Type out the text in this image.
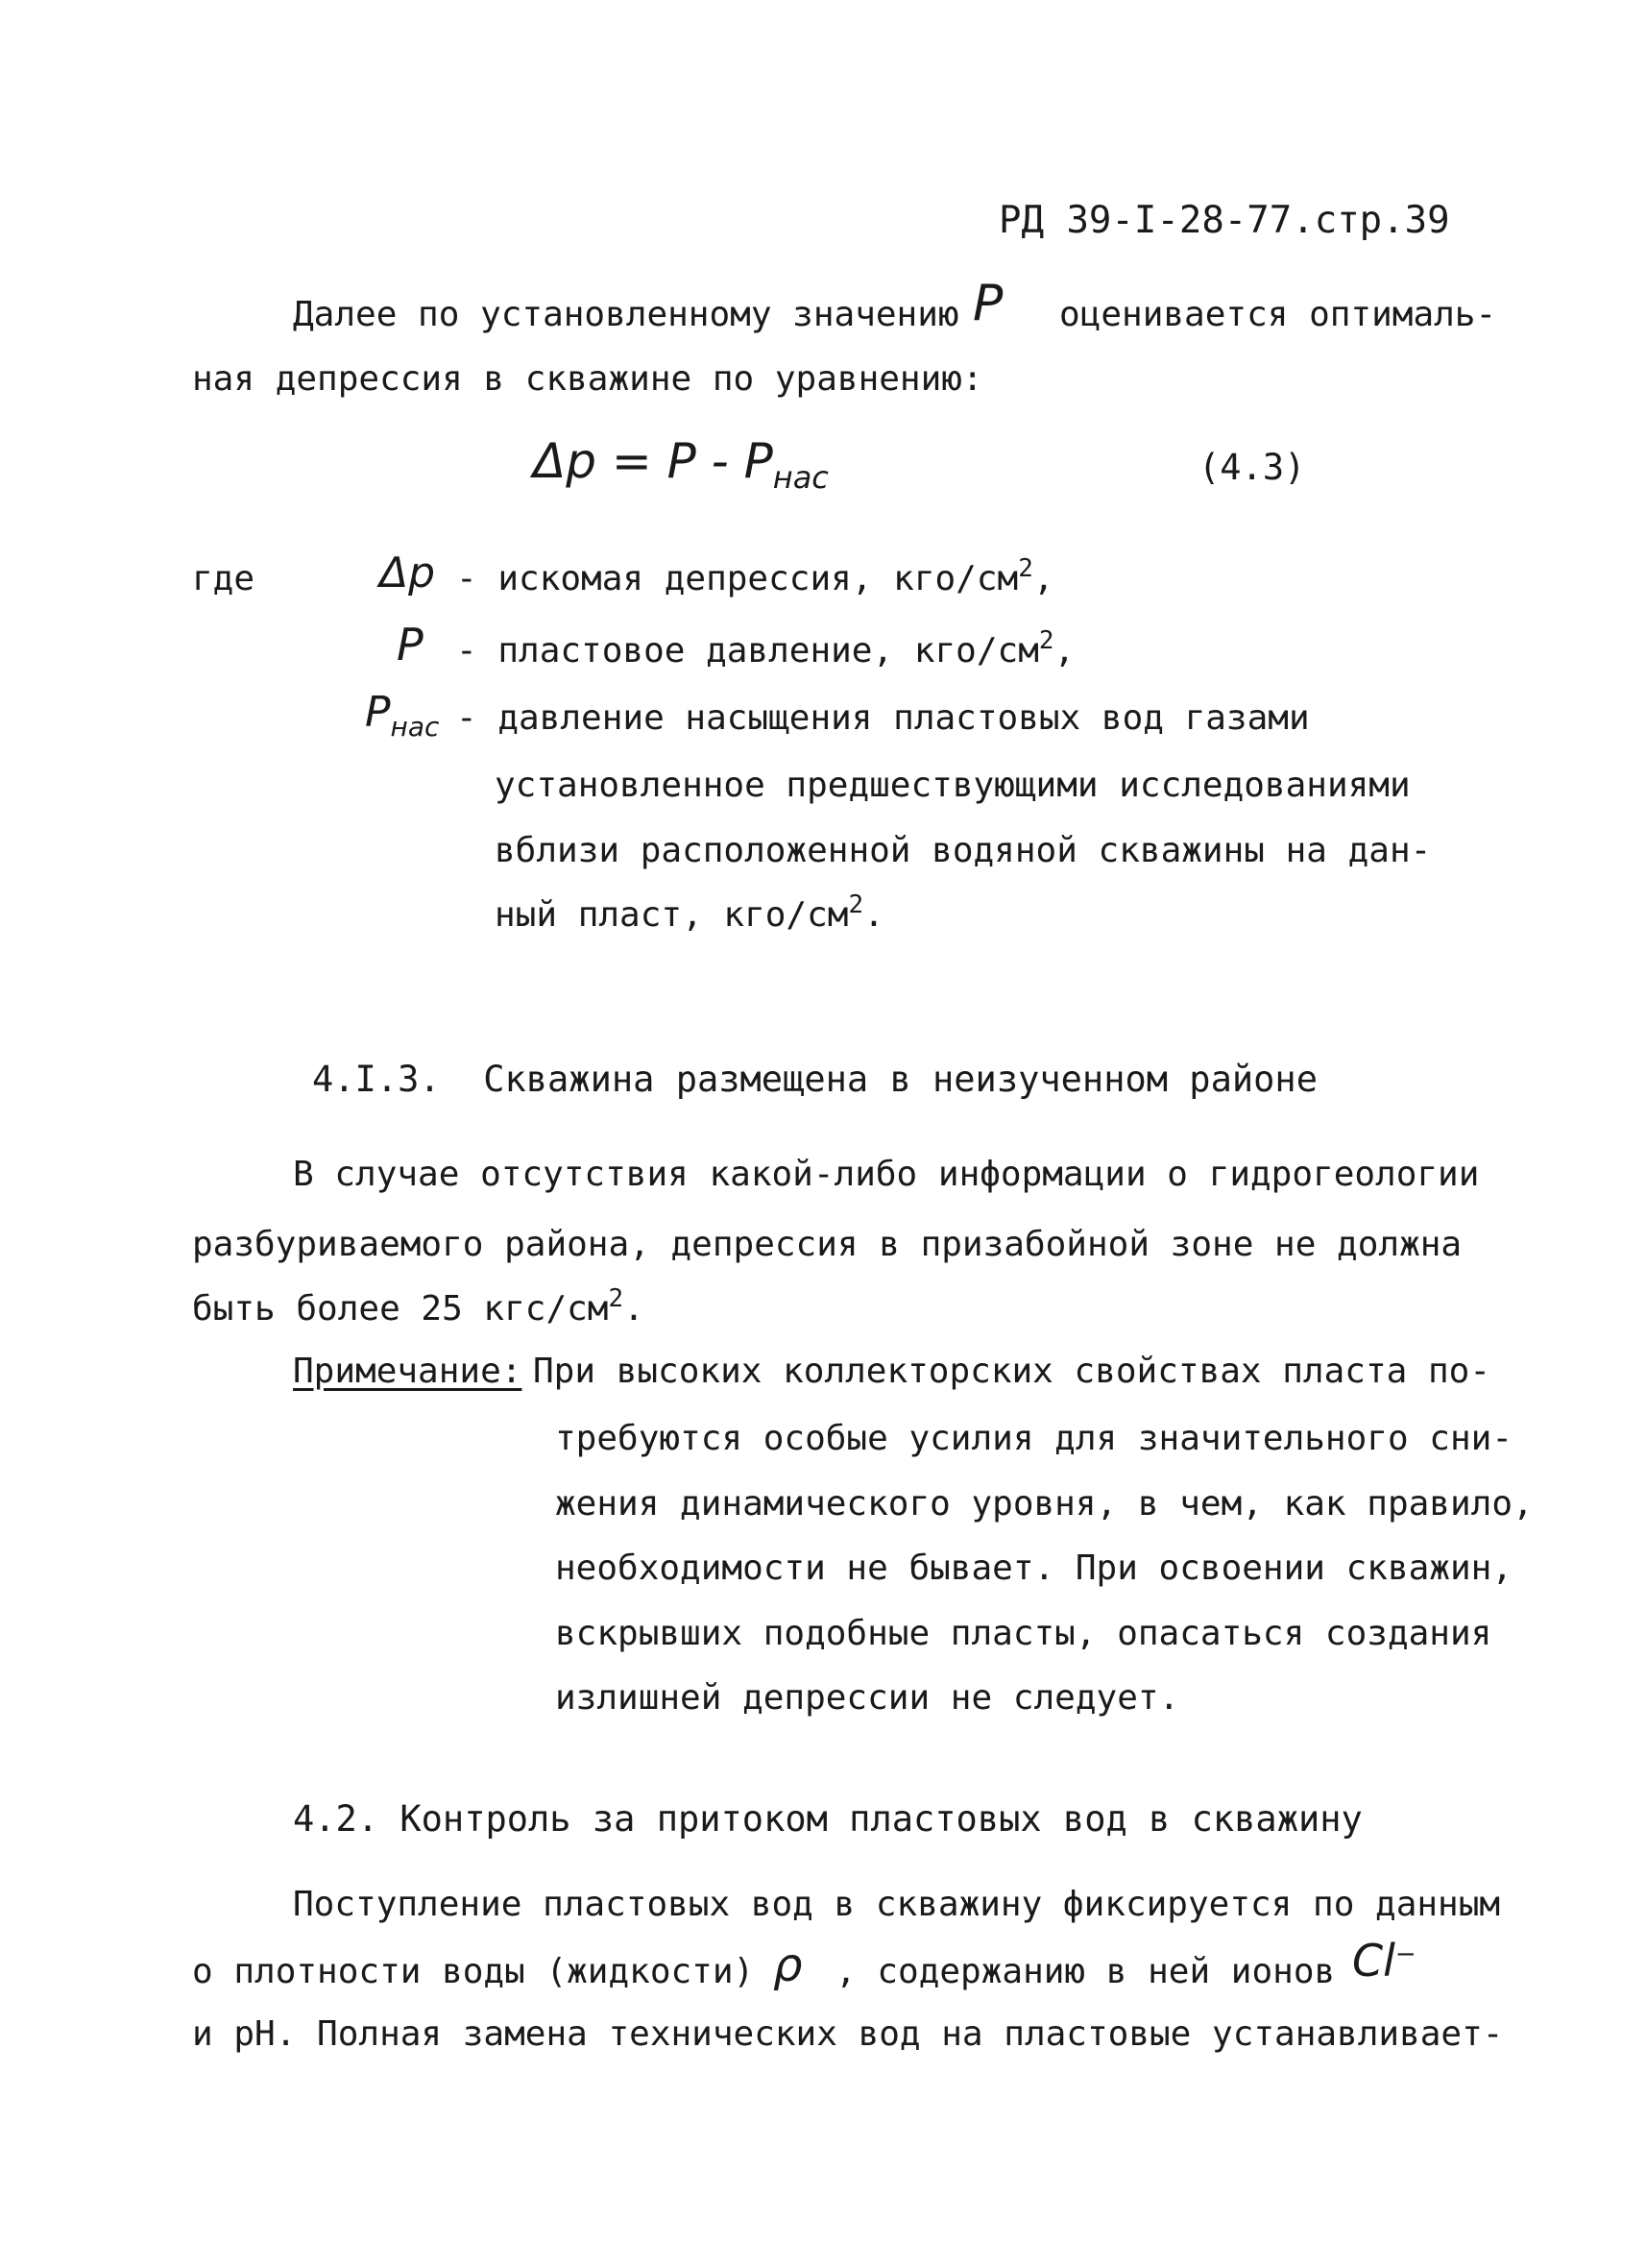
РД 39-I-28-77.стр.39
Далее по установленному значению P оценивается оптималь-
ная депрессия в скважине по уравнению:
$\Delta p = P - P_{нас}$	(4.3)
где	Δp - искомая депрессия, кго/$см^2$,
P - пластовое давление, кго/$см^2$,
$P_{нас}$ - давление насыщения пластовых вод газами
установленное предшествующими исследованиями
вблизи расположенной водяной скважины на дан-
ный пласт, кго/$см^2$.
4.I.3.  Скважина размещена в неизученном районе
В случае отсутствия какой-либо информации о гидрогеологии
разбуриваемого района, депрессия в призабойной зоне не должна
быть более 25 кгс/$см^2$.
Примечание: При высоких коллекторских свойствах пласта по-
требуются особые усилия для значительного сни-
жения динамического уровня, в чем, как правило,
необходимости не бывает. При освоении скважин,
вскрывших подобные пласты, опасаться создания
излишней депрессии не следует.
4.2. Контроль за притоком пластовых вод в скважину
Поступление пластовых вод в скважину фиксируется по данным
о плотности воды (жидкости) ρ , содержанию в ней ионов Cl−
и pH. Полная замена технических вод на пластовые устанавливает-
